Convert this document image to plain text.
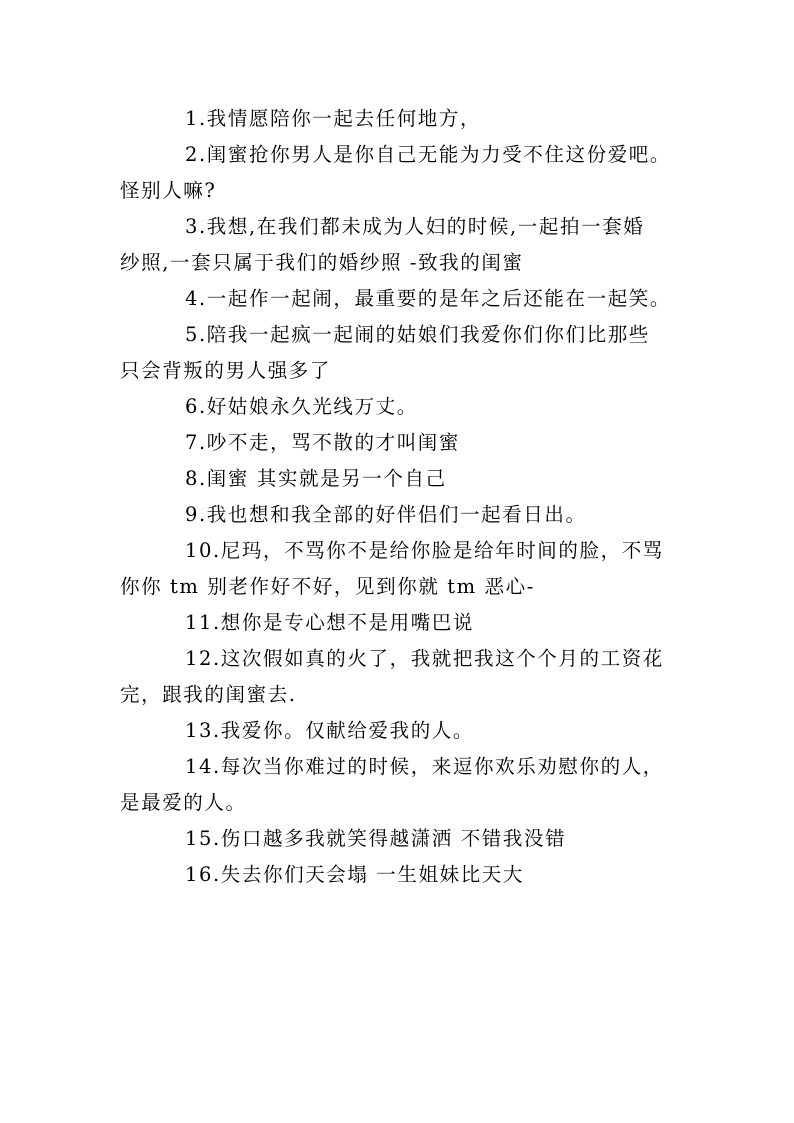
1.我情愿陪你一起去任何地方，

2.闺蜜抢你男人是你自己无能为力受不住这份爱吧。
怪别人嘛?

3.我想,在我们都未成为人妇的时候,一起拍一套婚
纱照,一套只属于我们的婚纱照 -致我的闺蜜

4.一起作一起闹，最重要的是年之后还能在一起笑。

5.陪我一起疯一起闹的姑娘们我爱你们你们比那些
只会背叛的男人强多了

6.好姑娘永久光线万丈。

7.吵不走，骂不散的才叫闺蜜

8.闺蜜 其实就是另一个自己

9.我也想和我全部的好伴侣们一起看日出。

10.尼玛，不骂你不是给你脸是给年时间的脸，不骂
你你 tm 别老作好不好，见到你就 tm 恶心-

11.想你是专心想不是用嘴巴说

12.这次假如真的火了，我就把我这个个月的工资花
完，跟我的闺蜜去.

13.我爱你。仅献给爱我的人。

14.每次当你难过的时候，来逗你欢乐劝慰你的人，
是最爱的人。

15.伤口越多我就笑得越潇洒 不错我没错

16.失去你们天会塌 一生姐妹比天大
